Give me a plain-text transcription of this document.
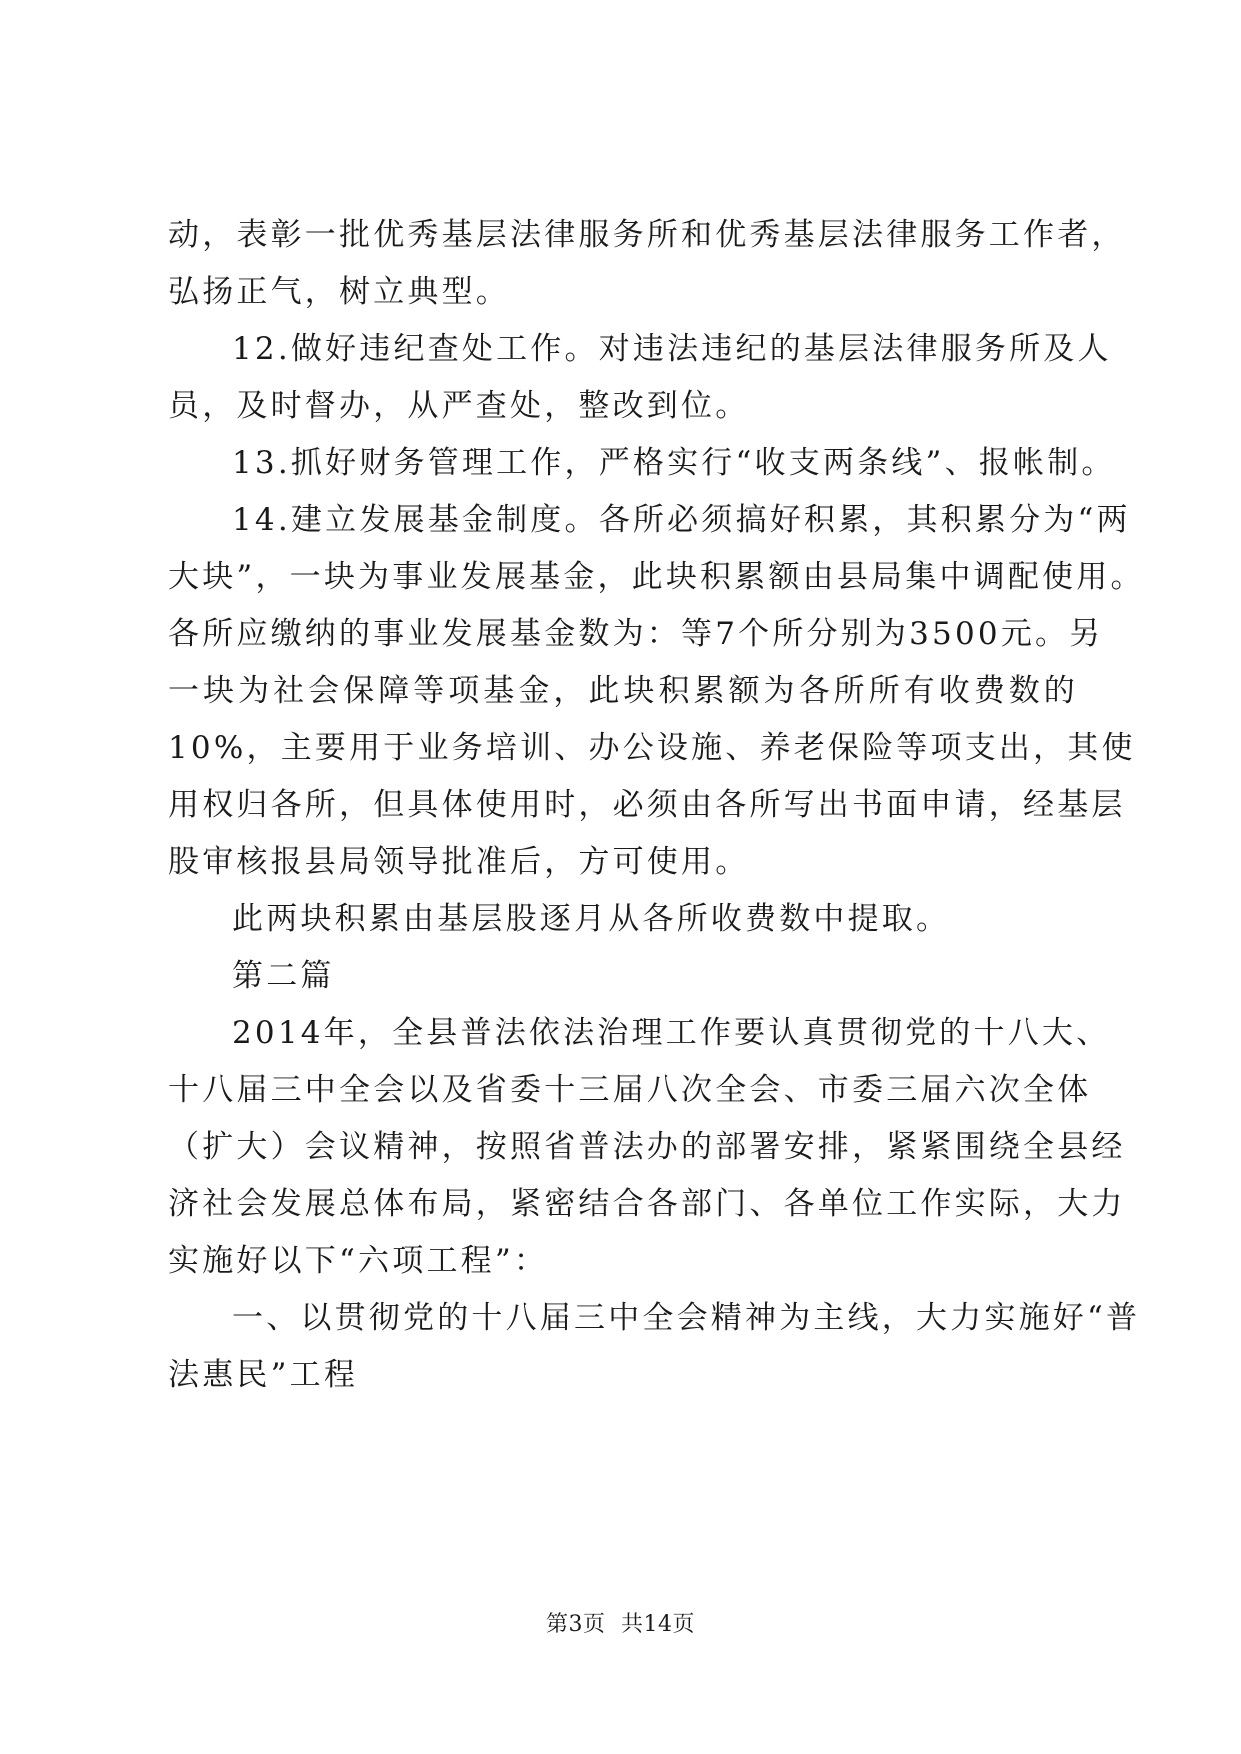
动，表彰一批优秀基层法律服务所和优秀基层法律服务工作者，
弘扬正气，树立典型。
12.做好违纪查处工作。对违法违纪的基层法律服务所及人
员，及时督办，从严查处，整改到位。
13.抓好财务管理工作，严格实行“收支两条线”、报帐制。
14.建立发展基金制度。各所必须搞好积累，其积累分为“两
大块”，一块为事业发展基金，此块积累额由县局集中调配使用。
各所应缴纳的事业发展基金数为：等7个所分别为3500元。另
一块为社会保障等项基金，此块积累额为各所所有收费数的
10%，主要用于业务培训、办公设施、养老保险等项支出，其使
用权归各所，但具体使用时，必须由各所写出书面申请，经基层
股审核报县局领导批准后，方可使用。
此两块积累由基层股逐月从各所收费数中提取。
第二篇
2014年，全县普法依法治理工作要认真贯彻党的十八大、
十八届三中全会以及省委十三届八次全会、市委三届六次全体
（扩大）会议精神，按照省普法办的部署安排，紧紧围绕全县经
济社会发展总体布局，紧密结合各部门、各单位工作实际，大力
实施好以下“六项工程”：
一、以贯彻党的十八届三中全会精神为主线，大力实施好“普
法惠民”工程
第3页 共14页
